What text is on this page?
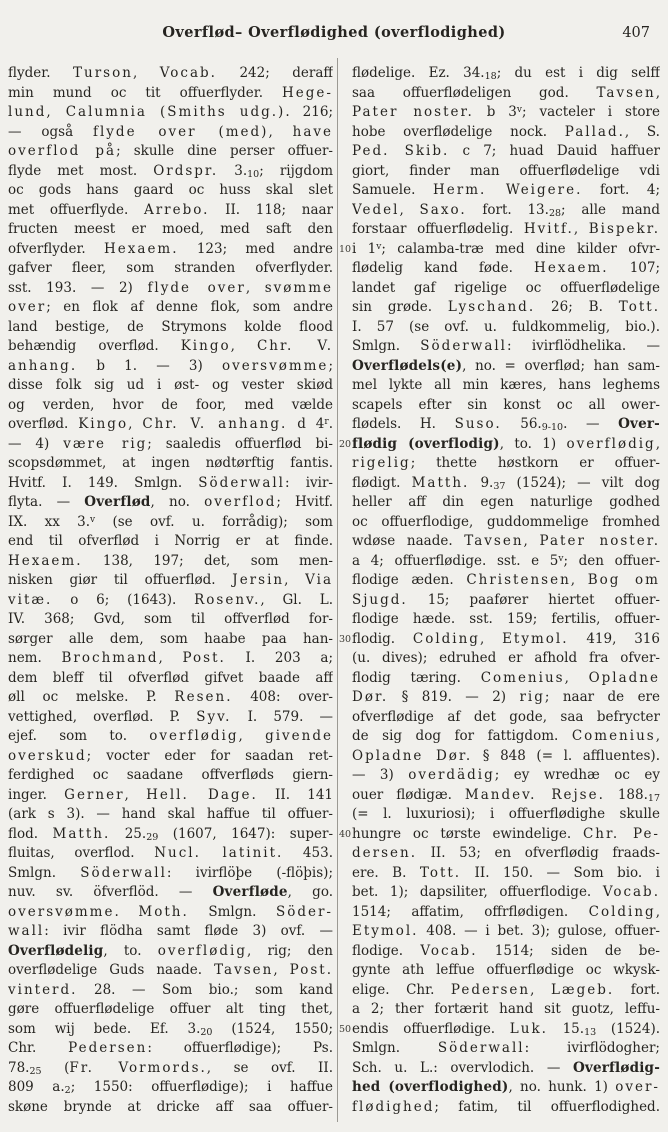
Overflød– Overflødighed (overflodighed)	407
flyder. Turson, Vocab. 242; deraff
min mund oc tit offuerflyder. Hege-
lund, Calumnia (Smiths udg.). 216;
— også flyde over (med), have
overflod på; skulle dine perser offuer-
flyde met most. Ordspr. $3._{10}$; rijgdom
oc gods hans gaard oc huss skal slet
met offuerflyde. Arrebo. II. 118; naar
fructen meest er moed, med saft den
ofverflyder. Hexaem. 123; med andre
gafver fleer, som stranden ofverflyder.
sst. 193. — 2) flyde over, svømme
over; en flok af denne flok, som andre
land bestige, de Strymons kolde flood
behændig overflød. Kingo, Chr. V.
anhang. b 1. — 3) oversvømme;
disse folk sig ud i øst- og vester skiød
og verden, hvor de foor, med vælde
overflød. Kingo, Chr. V. anhang. d 4$^r$.
— 4) være rig; saaledis offuerflød bi-
scopsdømmet, at ingen nødtørftig fantis.
Hvitf. I. 149. Smlgn. Söderwall: ivir-
flyta. — Overflød, no. overflod; Hvitf.
IX. xx 3.$^v$ (se ovf. u. forrådig); som
end til ofverflød i Norrig er at finde.
Hexaem. 138, 197; det, som men-
nisken giør til offuerflød. Jersin, Via
vitæ. o 6; (1643). Rosenv., Gl. L.
IV. 368; Gvd, som til offverflød for-
sørger alle dem, som haabe paa han-
nem. Brochmand, Post. I. 203 a;
dem bleff til ofverflød gifvet baade aff
øll oc melske. P. Resen. 408: over-
vettighed, overflød. P. Syv. I. 579. —
ejef. som to. overflødig, givende
overskud; vocter eder for saadan ret-
ferdighed oc saadane offverfløds giern-
inger. Gerner, Hell. Dage. II. 141
(ark s 3). — hand skal haffue til offuer-
flod. Matth. $25._{29}$ (1607, 1647): super-
fluitas, overflod. Nucl. latinit. 453.
Smlgn. Söderwall: ivirflöþe (-flöþis);
nuv. sv. öfverflöd. — Overfløde, go.
oversvømme. Moth. Smlgn. Söder-
wall: ivir flödha samt fløde 3) ovf. —
Overflødelig, to. overflødig, rig; den
overflødelige Guds naade. Tavsen, Post.
vinterd. 28. — Som bio.; som kand
gøre offuerflødelige offuer alt ting thet,
som wij bede. Ef. $3._{20}$ (1524, 1550;
Chr. Pedersen: offuerflødige); Ps.
$78._{25}$ (Fr. Vormords., se ovf. II.
809 $a._2$; 1550: offuerflødige); i haffue
skøne brynde at dricke aff saa offuer-
10
20
30
40
50
flødelige. Ez. $34._{18}$; du est i dig selff
saa offuerflødeligen god. Tavsen,
Pater noster. b 3$^v$; vacteler i store
hobe overflødelige nock. Pallad., S.
Ped. Skib. c 7; huad Dauid haffuer
giort, finder man offuerflødelige vdi
Samuele. Herm. Weigere. fort. 4;
Vedel, Saxo. fort. $13._{28}$; alle mand
forstaar offuerflødelig. Hvitf., Bispekr.
i 1$^v$; calamba-træ med dine kilder ofvr-
flødelig kand føde. Hexaem. 107;
landet gaf rigelige oc offuerflødelige
sin grøde. Lyschand. 26; B. Tott.
I. 57 (se ovf. u. fuldkommelig, bio.).
Smlgn. Söderwall: ivirflödhelika. —
Overflødels(e), no. = overflød; han sam-
mel lykte all min kæres, hans leghems
scapels efter sin konst oc all ower-
flødels. H. Suso. $56._{9-10}$. — Over-
flødig (overflodig), to. 1) overflødig,
rigelig; thette høstkorn er offuer-
flødigt. Matth. $9._{37}$ (1524); — vilt dog
heller aff din egen naturlige godhed
oc offuerflodige, guddommelige fromhed
wdøse naade. Tavsen, Pater noster.
a 4; offuerflødige. sst. e 5$^v$; den offuer-
flodige æden. Christensen, Bog om
Sjugd. 15; paafører hiertet offuer-
flodige hæde. sst. 159; fertilis, offuer-
flodig. Colding, Etymol. 419, 316
(u. dives); edruhed er afhold fra ofver-
flodig tæring. Comenius, Opladne
Dør. § 819. — 2) rig; naar de ere
ofverflødige af det gode, saa befrycter
de sig dog for fattigdom. Comenius,
Opladne Dør. § 848 (= l. affluentes).
— 3) overdädig; ey wredhæ oc ey
ouer flødigæ. Mandev. Rejse. $188._{17}$
(= l. luxuriosi); i offuerflødighe skulle
hungre oc tørste ewindelige. Chr. Pe-
dersen. II. 53; en ofverflødig fraads-
ere. B. Tott. II. 150. — Som bio. i
bet. 1); dapsiliter, offuerflodige. Vocab.
1514; affatim, offrflødigen. Colding,
Etymol. 408. — i bet. 3); gulose, offuer-
flodige. Vocab. 1514; siden de be-
gynte ath leffue offuerflødige oc wkysk-
elige. Chr. Pedersen, Lægeb. fort.
a 2; ther fortærit hand sit guotz, leffu-
endis offuerflødige. Luk. $15._{13}$ (1524).
Smlgn. Söderwall: ivirflödogher;
Sch. u. L.: overvlodich. — Overflødig-
hed (overflodighed), no. hunk. 1) over-
flødighed; fatim, til offuerflodighed.
